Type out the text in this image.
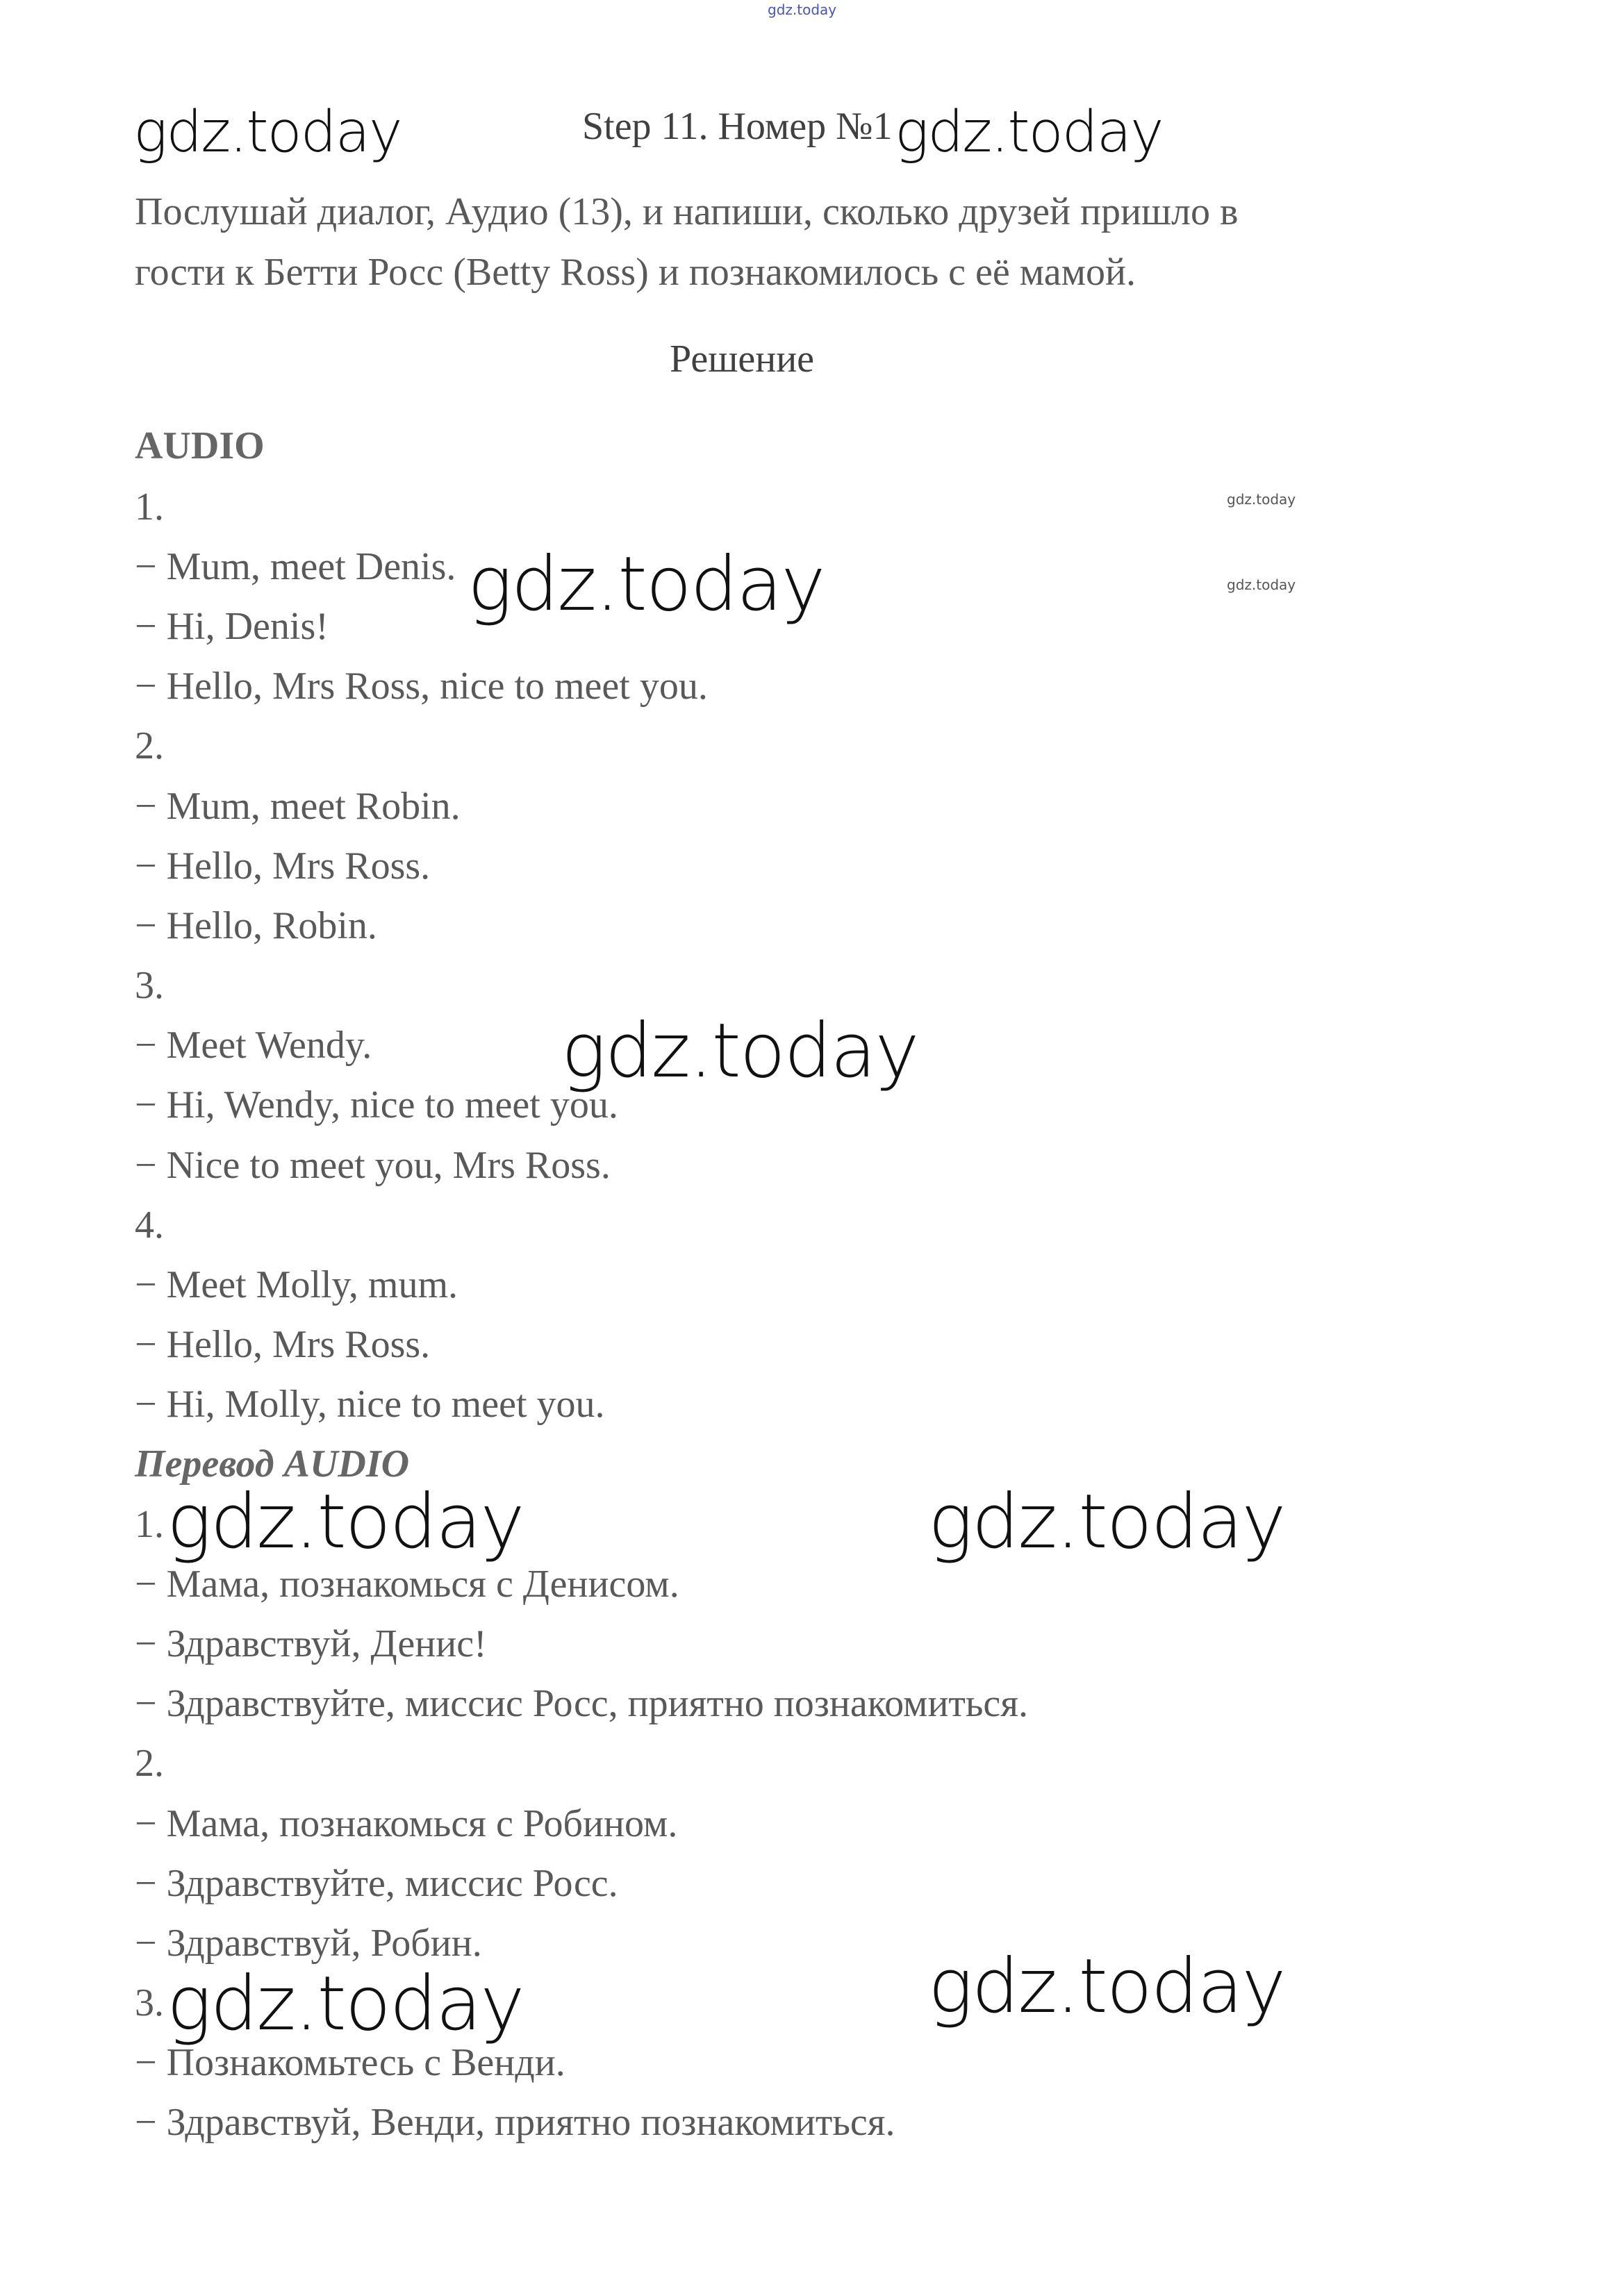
gdz.today
Step 11. Номер №1

Послушай диалог, Аудио (13), и напиши, сколько друзей пришло в
гости к Бетти Росс (Betty Ross) и познакомилось с её мамой.

Решение
AUDIO
1.
− Mum, meet Denis.
− Hi, Denis!
− Hello, Mrs Ross, nice to meet you.
2.
− Mum, meet Robin.
− Hello, Mrs Ross.
− Hello, Robin.
3.
− Meet Wendy.
− Hi, Wendy, nice to meet you.
− Nice to meet you, Mrs Ross.
4.
− Meet Molly, mum.
− Hello, Mrs Ross.
− Hi, Molly, nice to meet you.
Перевод AUDIO
1.
− Мама, познакомься с Денисом.
− Здравствуй, Денис!
− Здравствуйте, миссис Росс, приятно познакомиться.
2.
− Мама, познакомься с Робином.
− Здравствуйте, миссис Росс.
− Здравствуй, Робин.
3.
− Познакомьтесь с Венди.
− Здравствуй, Венди, приятно познакомиться.
gdz.today	gdz.today
gdz.today
gdz.today
gdz.today
gdz.today
gdz.today	gdz.today
gdz.today
gdz.today
